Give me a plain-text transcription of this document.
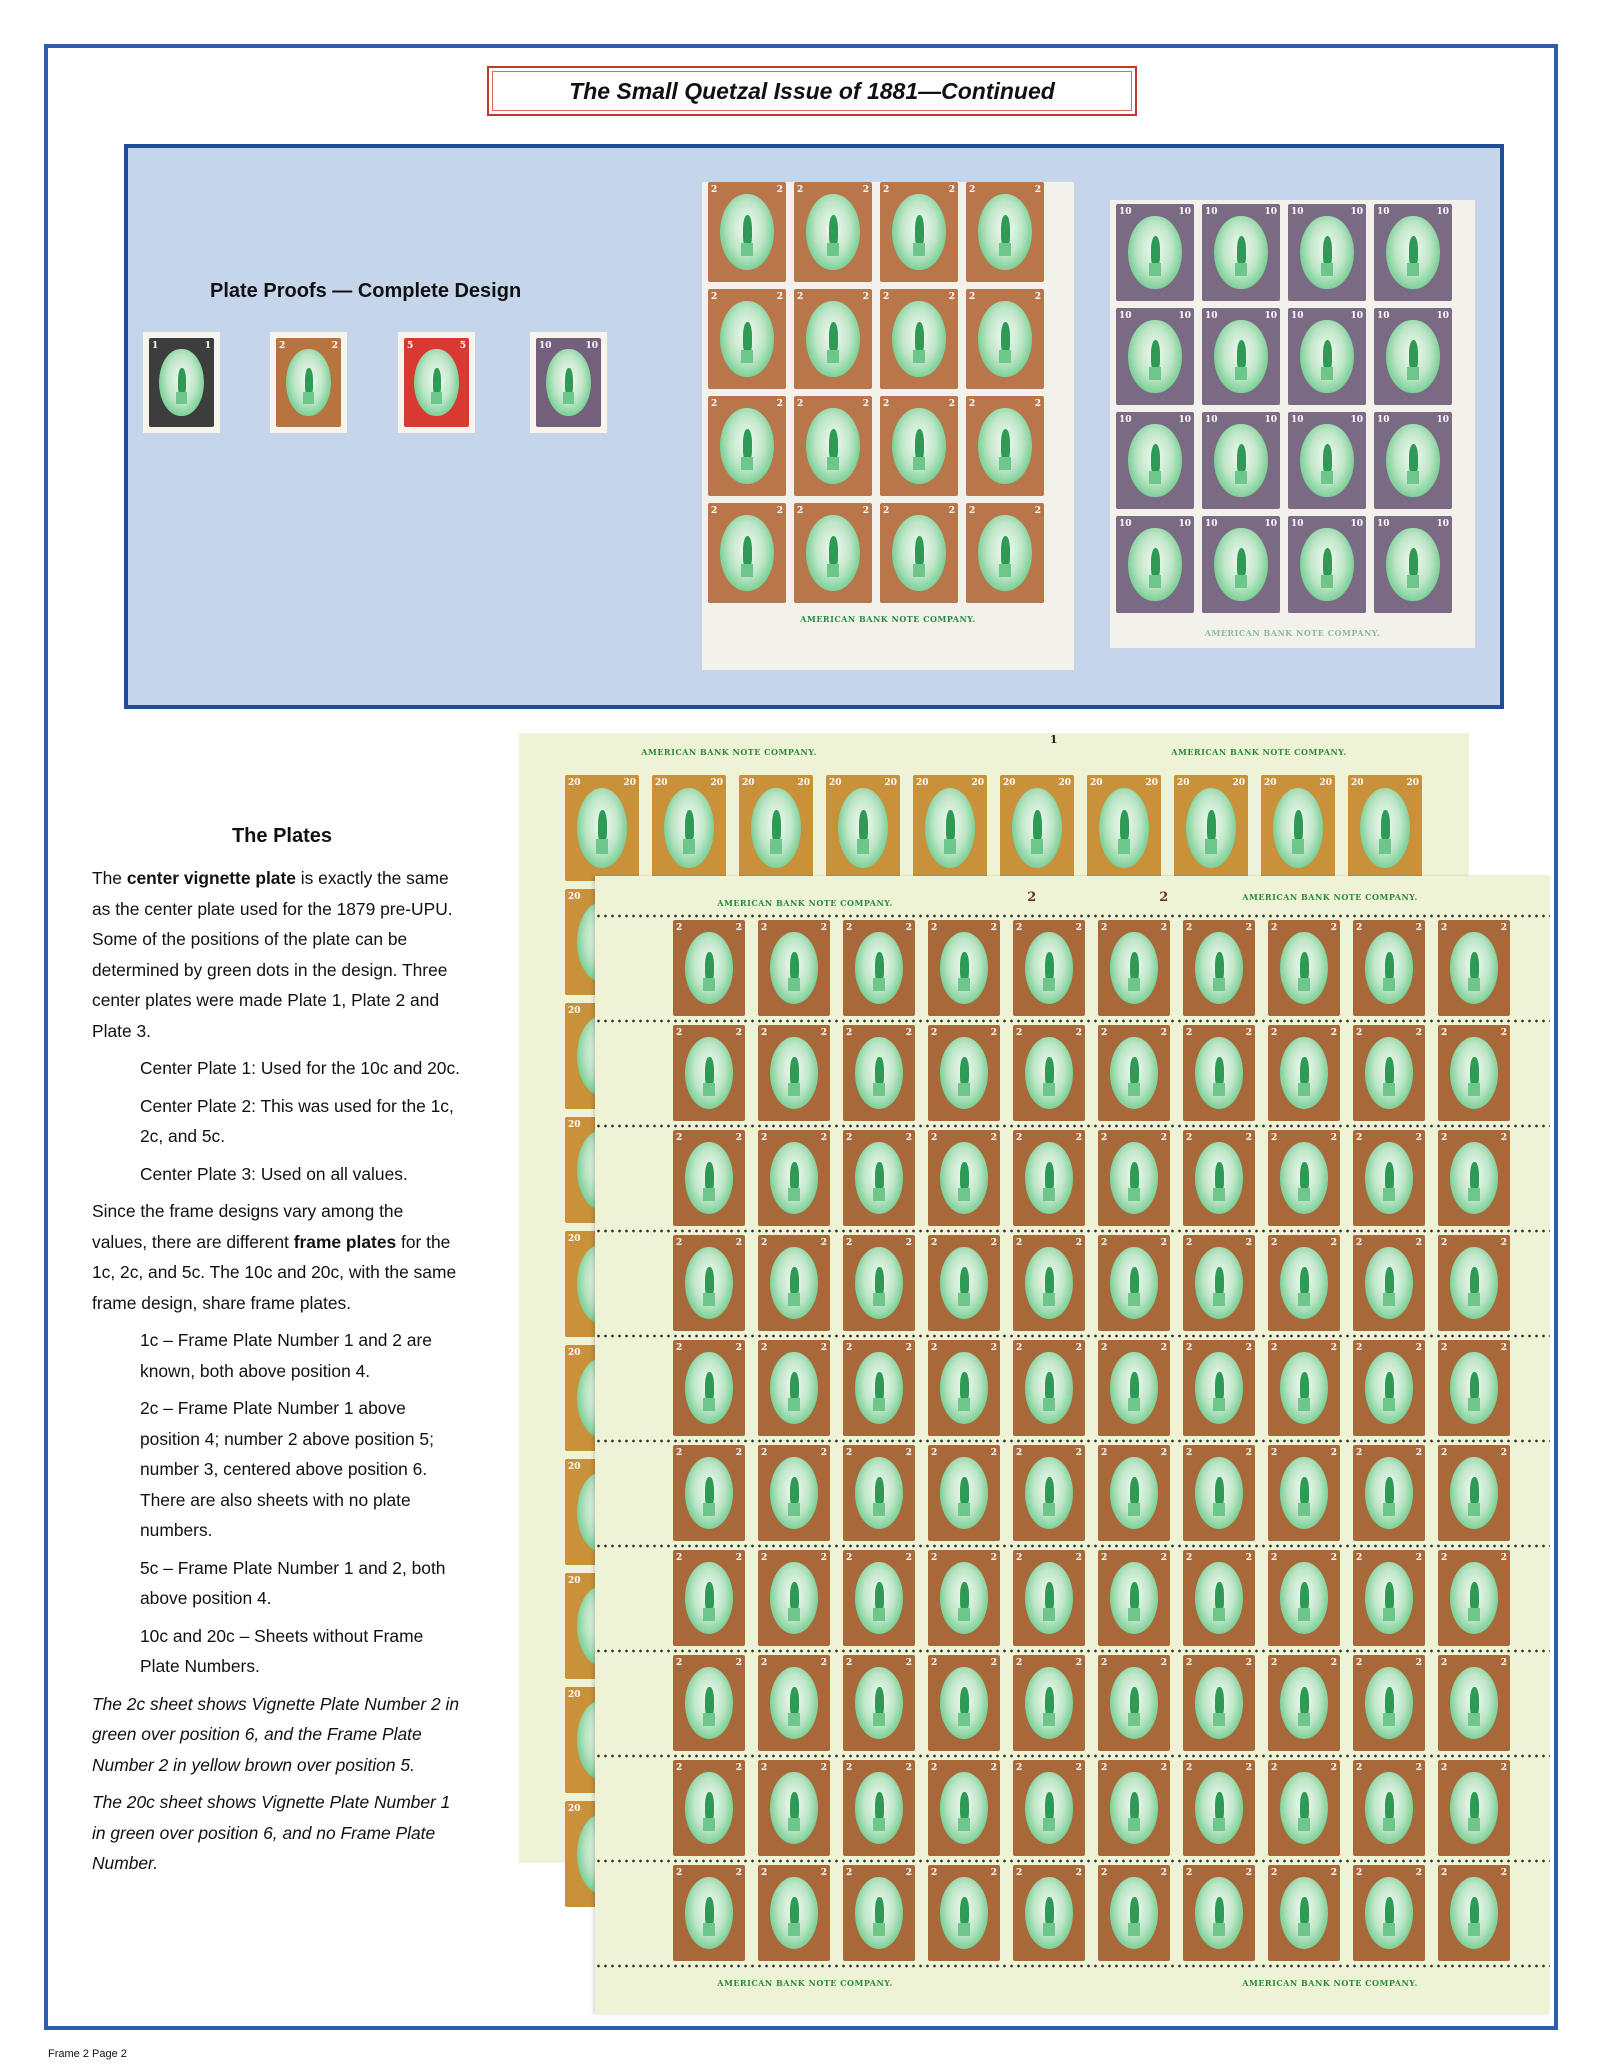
The Small Quetzal Issue of 1881—Continued
Plate Proofs — Complete Design
AMERICAN BANK NOTE COMPANY.
2	2 2	2 2	2 2	2
2	2 2	2 2	2 2	2
2	2 2	2 2	2 2	2
2	2 2	2 2	2 2	2
AMERICAN BANK NOTE COMPANY.
10	10 10	10 10	10 10	10
10	10 10	10 10	10 10	10
10	10 10	10 10	10 10	10
10	10 10	10 10	10 10	10
The Plates

The center vignette plate is exactly the same as the center plate used for the 1879 pre-UPU. Some of the positions of the plate can be determined by green dots in the design. Three center plates were made Plate 1, Plate 2 and Plate 3.

Center Plate 1: Used for the 10c and 20c.

Center Plate 2: This was used for the 1c, 2c, and 5c.

Center Plate 3: Used on all values.

Since the frame designs vary among the values, there are different frame plates for the 1c, 2c, and 5c. The 10c and 20c, with the same frame design, share frame plates.

1c – Frame Plate Number 1 and 2 are known, both above position 4.

2c – Frame Plate Number 1 above position 4; number 2 above position 5; number 3, centered above position 6. There are also sheets with no plate numbers.

5c – Frame Plate Number 1 and 2, both above position 4.

10c and 20c – Sheets without Frame Plate Numbers.

The 2c sheet shows Vignette Plate Number 2 in green over position 6, and the Frame Plate Number 2 in yellow brown over position 5.

The 20c sheet shows Vignette Plate Number 1 in green over position 6, and no Frame Plate Number.

AMERICAN BANK NOTE COMPANY.	AMERICAN BANK NOTE COMPANY.
1
20	20 20	20 20	20 20	20 20	20 20	20 20	20 20	20 20	20 20	20
20
20
20
20
20
20
20
20
20
AMERICAN BANK NOTE COMPANY.
AMERICAN BANK NOTE COMPANY.
2	2
AMERICAN BANK NOTE COMPANY.	AMERICAN BANK NOTE COMPANY.
2	2 2	2 2	2 2	2 2	2 2	2 2	2 2	2 2	2 2	2
2	2 2	2 2	2 2	2 2	2 2	2 2	2 2	2 2	2 2	2
2	2 2	2 2	2 2	2 2	2 2	2 2	2 2	2 2	2 2	2
2	2 2	2 2	2 2	2 2	2 2	2 2	2 2	2 2	2 2	2
2	2 2	2 2	2 2	2 2	2 2	2 2	2 2	2 2	2 2	2
2	2 2	2 2	2 2	2 2	2 2	2 2	2 2	2 2	2 2	2
2	2 2	2 2	2 2	2 2	2 2	2 2	2 2	2 2	2 2	2
2	2 2	2 2	2 2	2 2	2 2	2 2	2 2	2 2	2 2	2
2	2 2	2 2	2 2	2 2	2 2	2 2	2 2	2 2	2 2	2
2	2 2	2 2	2 2	2 2	2 2	2 2	2 2	2 2	2 2	2
Frame 2 Page 2
1	1	2	2	5	5	10	10
